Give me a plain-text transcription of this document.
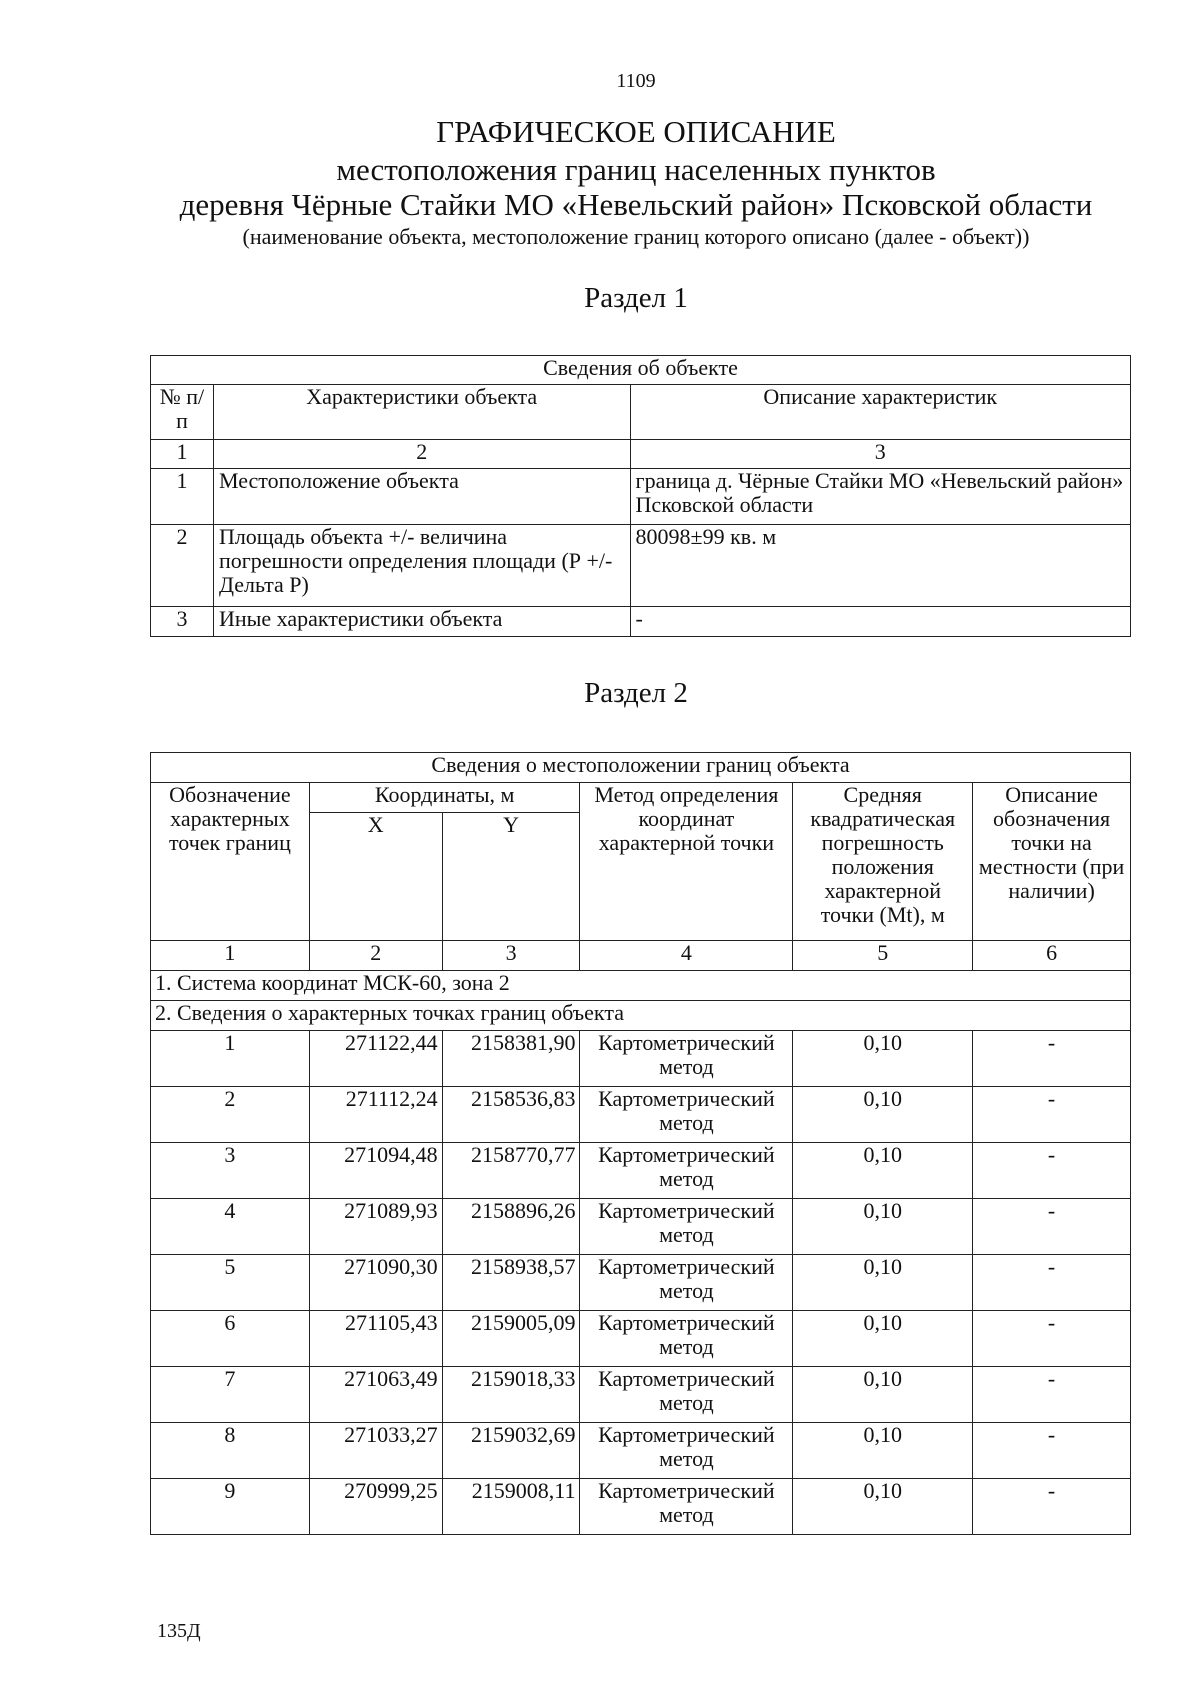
1109
ГРАФИЧЕСКОЕ ОПИСАНИЕ
местоположения границ населенных пунктов
деревня Чёрные Стайки МО «Невельский район» Псковской области
(наименование объекта, местоположение границ которого описано (далее - объект))
Раздел 1
Сведения об объекте		
№ п/п	Характеристики объекта	Описание характеристик
1	2	3
1	Местоположение объекта	граница д. Чёрные Стайки МО «Невельский район» Псковской области
2	Площадь объекта +/- величина погрешности определения площади (Р +/- Дельта Р)	80098±99 кв. м
3	Иные характеристики объекта	-
Раздел 2
Сведения о местоположении границ объекта					
Обозначение характерных точек границ	Координаты, м		Метод определения координат характерной точки	Средняя квадратическая погрешность положения характерной точки (Mt), м	Описание обозначения точки на местности (при наличии)
	X	Y			
1	2	3	4	5	6
1. Система координат МСК-60, зона 2					
2. Сведения о характерных точках границ объекта					
1	271122,44	2158381,90	Картометрический метод	0,10	-
2	271112,24	2158536,83	Картометрический метод	0,10	-
3	271094,48	2158770,77	Картометрический метод	0,10	-
4	271089,93	2158896,26	Картометрический метод	0,10	-
5	271090,30	2158938,57	Картометрический метод	0,10	-
6	271105,43	2159005,09	Картометрический метод	0,10	-
7	271063,49	2159018,33	Картометрический метод	0,10	-
8	271033,27	2159032,69	Картометрический метод	0,10	-
9	270999,25	2159008,11	Картометрический метод	0,10	-
135Д
